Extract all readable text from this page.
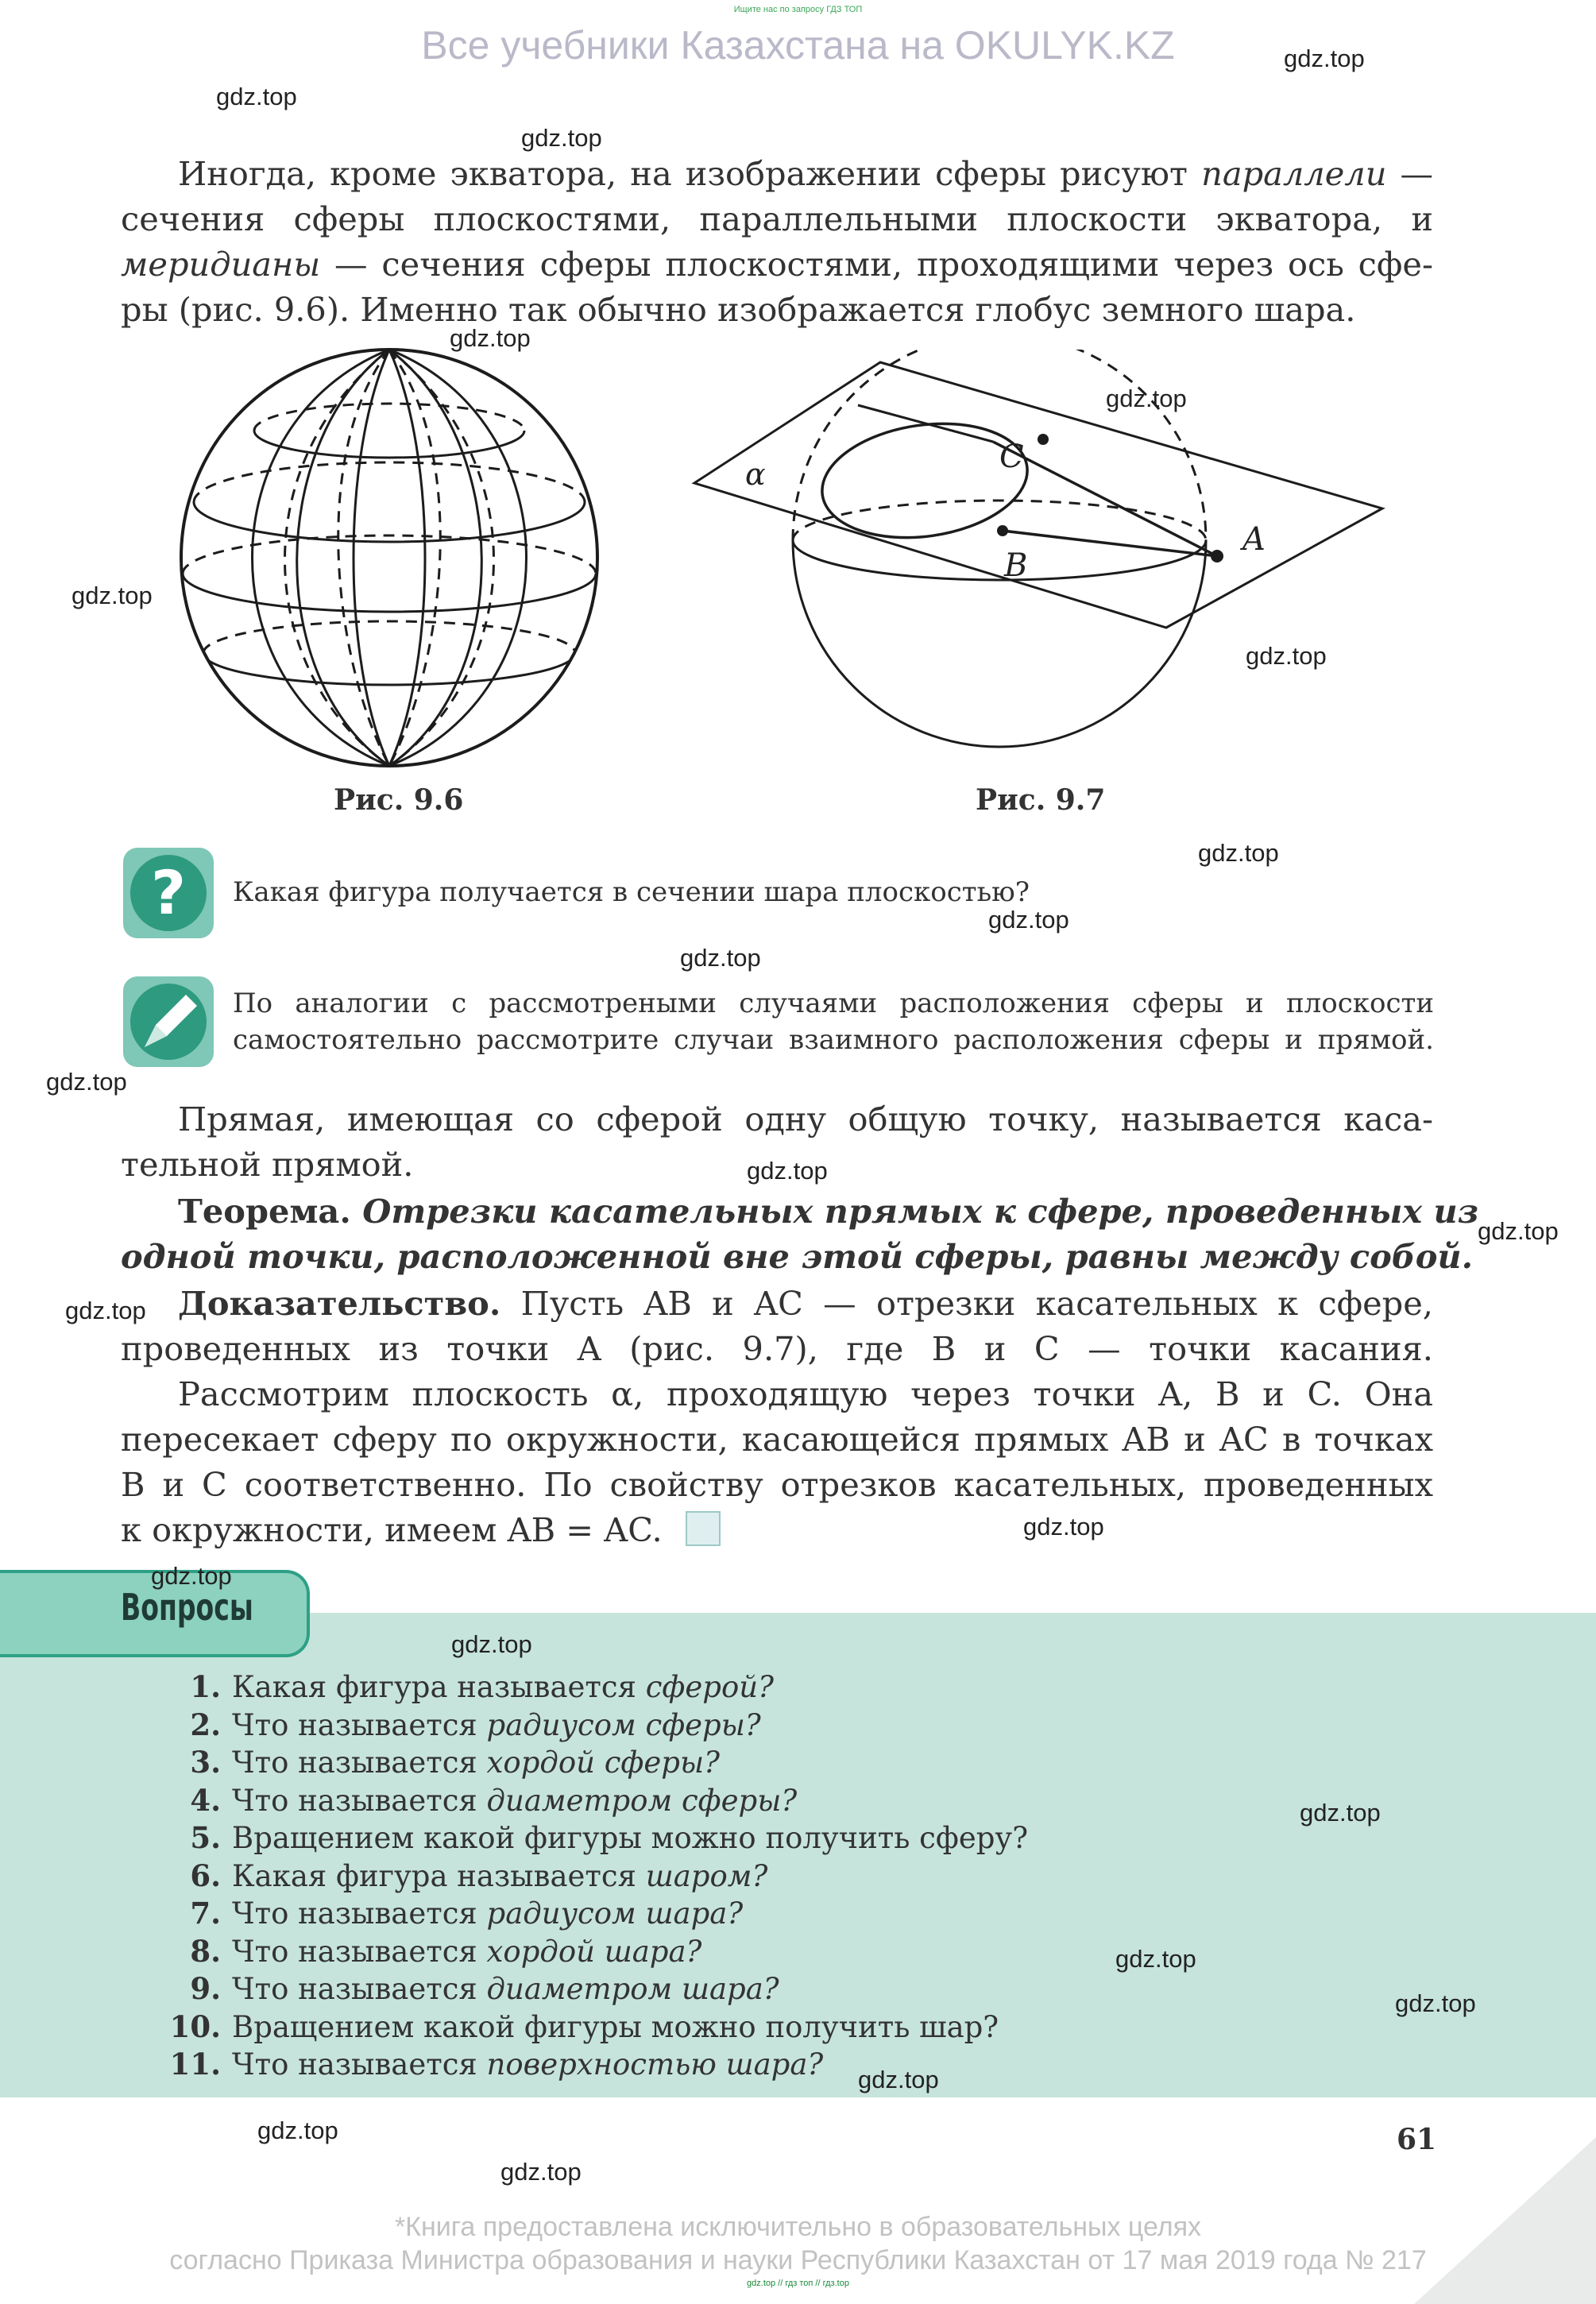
Ищите нас по запросу ГДЗ ТОП
Все учебники Казахстана на OKULYK.KZ	gdz.top
gdz.top
gdz.top
gdz.top
gdz.top
gdz.top
gdz.top
gdz.top
gdz.top
gdz.top
gdz.top
gdz.top
gdz.top
gdz.top
gdz.top
gdz.top
gdz.top
gdz.top
gdz.top
gdz.top
gdz.top
gdz.top
gdz.top
Иногда, кроме экватора, на изображении сферы рисуют параллели —
сечения сферы плоскостями, параллельными плоскости экватора, и
меридианы — сечения сферы плоскостями, проходящими через ось сфе-
ры (рис. 9.6). Именно так обычно изображается глобус земного шара.
Рис. 9.6
α	C
B
A
Рис. 9.7
? Какая фигура получается в сечении шара плоскостью?
По аналогии с рассмотреными случаями расположения сферы и плоскости
самостоятельно рассмотрите случаи взаимного расположения сферы и прямой.
Прямая, имеющая со сферой одну общую точку, называется каса-
тельной прямой.
Теорема. Отрезки касательных прямых к сфере, проведенных из
одной точки, расположенной вне этой сферы, равны между собой.
Доказательство. Пусть AB и AC — отрезки касательных к сфере,
проведенных из точки A (рис. 9.7), где B и C — точки касания.
Рассмотрим плоскость α, проходящую через точки A, B и C. Она
пересекает сферу по окружности, касающейся прямых AB и AC в точках
B и C соответственно. По свойству отрезков касательных, проведенных
к окружности, имеем AB = AC.
Вопросы
1. Какая фигура называется сферой?
2. Что называется радиусом сферы?
3. Что называется хордой сферы?
4. Что называется диаметром сферы?
5. Вращением какой фигуры можно получить сферу?
6. Какая фигура называется шаром?
7. Что называется радиусом шара?
8. Что называется хордой шара?
9. Что называется диаметром шара?
10. Вращением какой фигуры можно получить шар?
11. Что называется поверхностью шара?
61
*Книга предоставлена исключительно в образовательных целях
согласно Приказа Министра образования и науки Республики Казахстан от 17 мая 2019 года № 217
gdz.top // гдз топ // гдз.top
